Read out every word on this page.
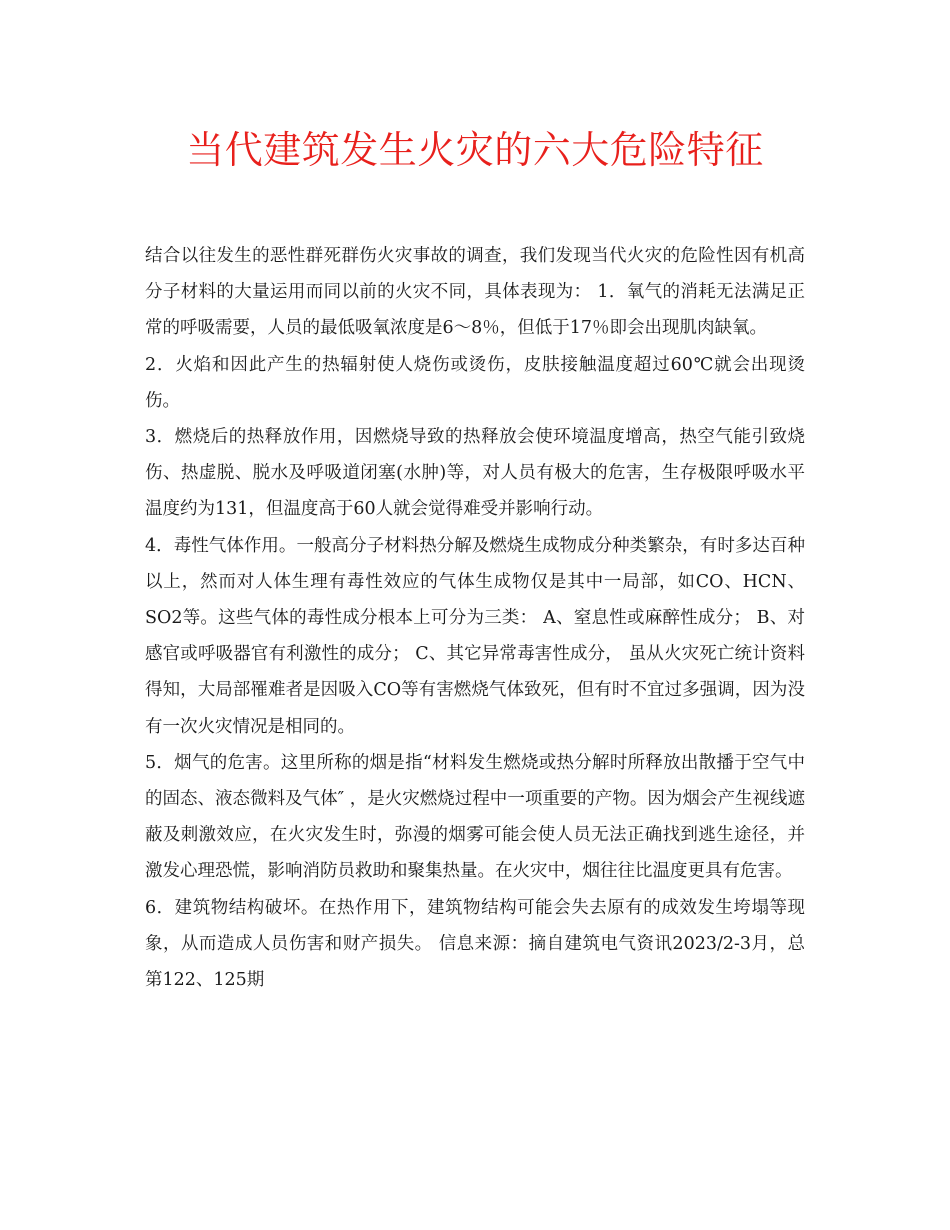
当代建筑发生火灾的六大危险特征

结合以往发生的恶性群死群伤火灾事故的调查，我们发现当代火灾的危险性因有机高分子材料的大量运用而同以前的火灾不同，具体表现为： 1．氧气的消耗无法满足正常的呼吸需要，人员的最低吸氧浓度是6～8％，但低于17％即会出现肌肉缺氧。

2．火焰和因此产生的热辐射使人烧伤或烫伤，皮肤接触温度超过60℃就会出现烫伤。

3．燃烧后的热释放作用，因燃烧导致的热释放会使环境温度增高，热空气能引致烧伤、热虚脱、脱水及呼吸道闭塞(水肿)等，对人员有极大的危害，生存极限呼吸水平温度约为131，但温度高于60人就会觉得难受并影响行动。

4．毒性气体作用。一般高分子材料热分解及燃烧生成物成分种类繁杂，有时多达百种以上，然而对人体生理有毒性效应的气体生成物仅是其中一局部，如CO、HCN、SO2等。这些气体的毒性成分根本上可分为三类： A、窒息性或麻醉性成分； B、对感官或呼吸器官有利激性的成分； C、其它异常毒害性成分， 虽从火灾死亡统计资料得知，大局部罹难者是因吸入CO等有害燃烧气体致死，但有时不宜过多强调，因为没有一次火灾情况是相同的。

5．烟气的危害。这里所称的烟是指“材料发生燃烧或热分解时所释放出散播于空气中的固态、液态微料及气体″ ，是火灾燃烧过程中一项重要的产物。因为烟会产生视线遮蔽及刺激效应，在火灾发生时，弥漫的烟雾可能会使人员无法正确找到逃生途径，并激发心理恐慌，影响消防员救助和聚集热量。在火灾中，烟往往比温度更具有危害。

6．建筑物结构破坏。在热作用下，建筑物结构可能会失去原有的成效发生垮塌等现象，从而造成人员伤害和财产损失。 信息来源：摘自建筑电气资讯2023/2-3月，总第122、125期
